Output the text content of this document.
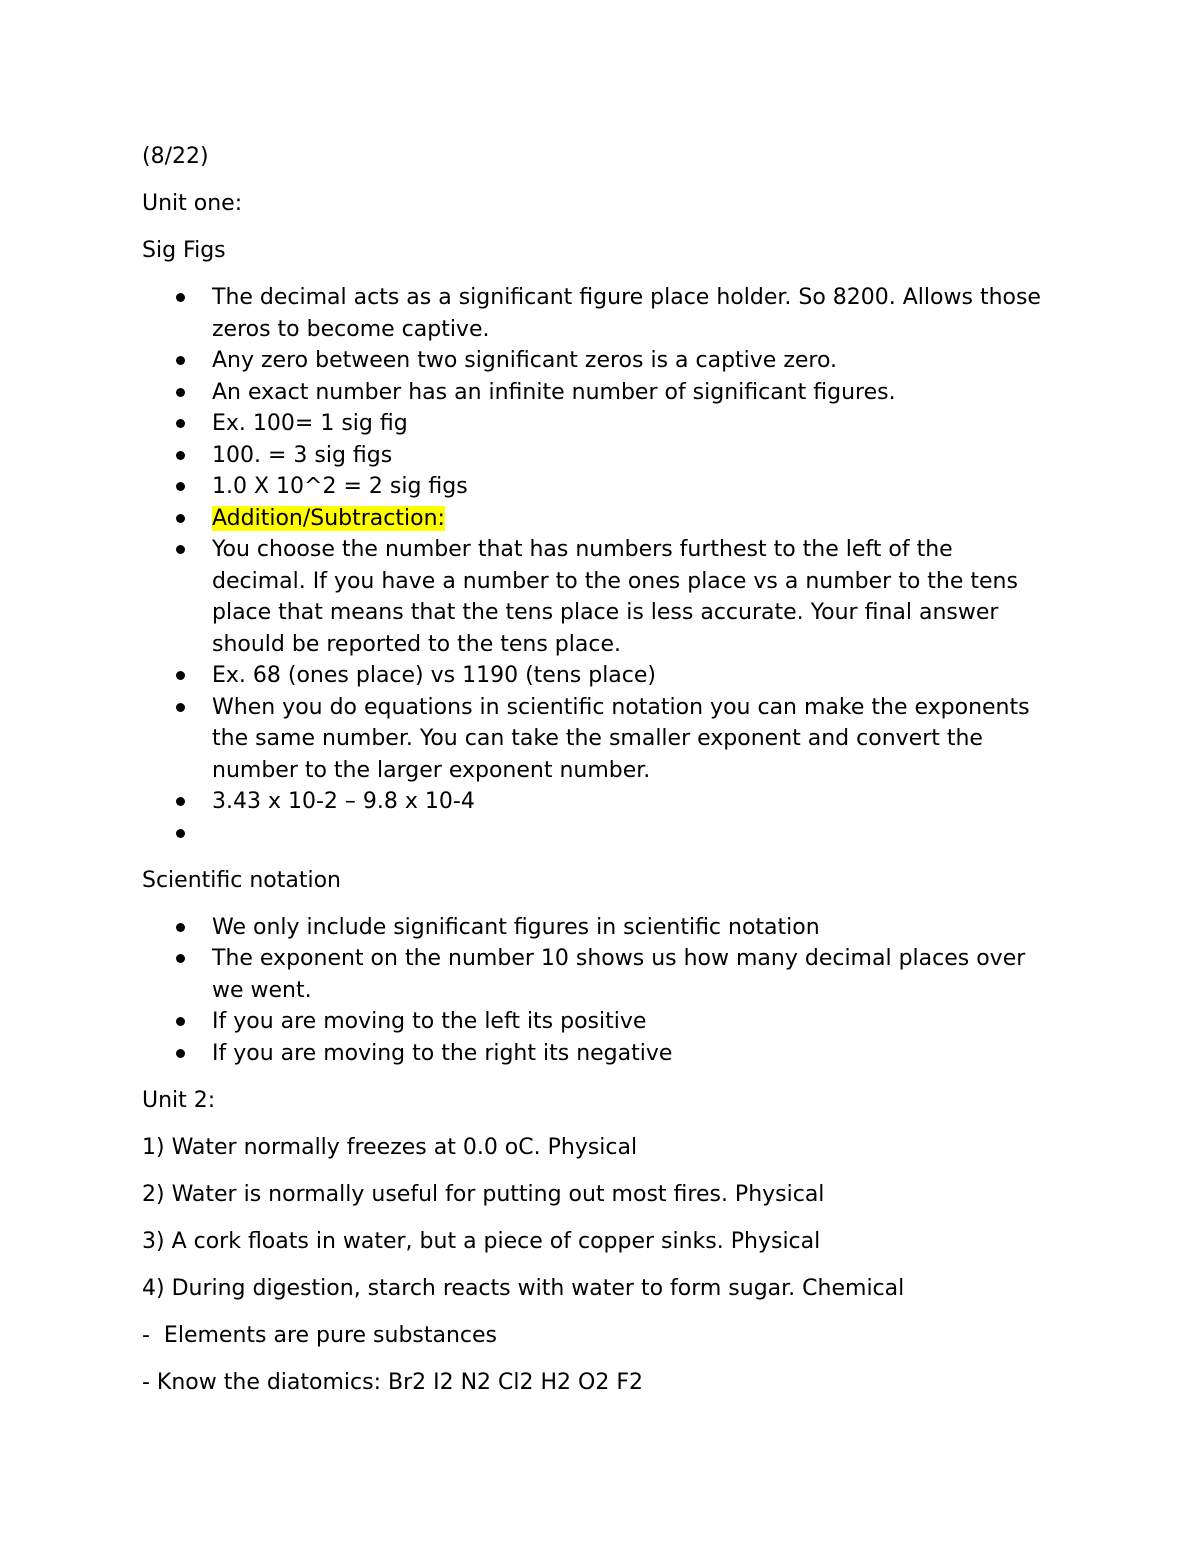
(8/22)

Unit one:

Sig Figs

The decimal acts as a significant figure place holder. So 8200. Allows those zeros to become captive.
Any zero between two significant zeros is a captive zero.
An exact number has an infinite number of significant figures.
Ex. 100= 1 sig fig
100. = 3 sig figs
1.0 X 10^2 = 2 sig figs
Addition/Subtraction:
You choose the number that has numbers furthest to the left of the decimal. If you have a number to the ones place vs a number to the tens place that means that the tens place is less accurate. Your final answer should be reported to the tens place.
Ex. 68 (ones place) vs 1190 (tens place)
When you do equations in scientific notation you can make the exponents the same number. You can take the smaller exponent and convert the number to the larger exponent number.
3.43 x 10-2 – 9.8 x 10-4

Scientific notation

We only include significant figures in scientific notation
The exponent on the number 10 shows us how many decimal places over we went.
If you are moving to the left its positive
If you are moving to the right its negative

Unit 2:

1) Water normally freezes at 0.0 oC. Physical

2) Water is normally useful for putting out most fires. Physical

3) A cork floats in water, but a piece of copper sinks. Physical

4) During digestion, starch reacts with water to form sugar. Chemical

-  Elements are pure substances

- Know the diatomics: Br2 I2 N2 Cl2 H2 O2 F2
